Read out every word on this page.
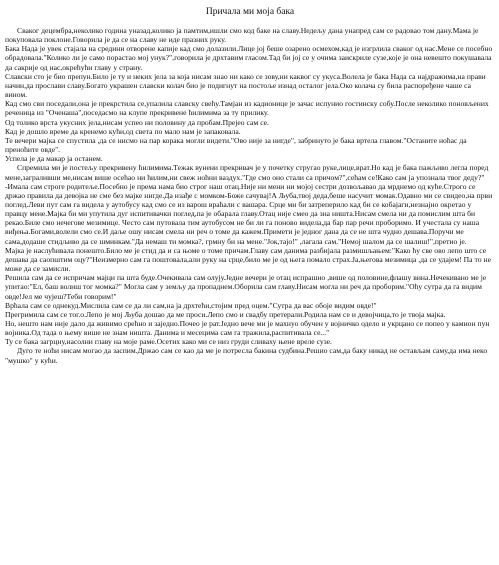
Причала ми моја бака

Сваког децембра,неколико година уназад,колико ја памтим,ишли смо код баке на славу.Недељу дана унапред сам се радовао том дану.Мама је покуповала поклоне.Говорила је да се на славу не иде празних руку.

Бака Нада је увек стајала на средини отворене капије кад смо долазили.Лице јој беше озарено осмехом,кад је изгрлила сваког од нас.Мене се посебно обрадовала."Колико ли је само порастао мој унук?",говорила је дрхтавим гласом.Тад би јој се у очима заискриле сузе,које је она невешто покушавала да сакрије од нас,окрећући главу у страну.

Славски сто је био препун.Било је ту и неких јела за која нисам знао ни како се зову,ни каквог су укуса.Волела је бака Нада са најдражима,на прави начин,да прослави славу.Богато украшен славски колач био је подигнут на постоље изнад осталог јела.Око колача су била распоређене чаше са вином.

Кад смо сви поседали,она је прекрстила се,упалила славску свећу.Тамјан из кадионице је зачас испунио гостинску собу.После неколико поновљених реченица из "Оченаша",поседасмо на клупе прекривене ћилимима за ту прилику.

Од толико врста укусних јела,нисам успео ни половину да пробам.Прејео сам се.

Кад је дошло време да кренемо кући,од света по мало нам је запаковала.

Те вечери мајка се спустила ,да се нисмо на пар корака могли видети."Ово није за нигде", забринуто је бака вртела главом."Останите ноћас да преноћите овде".

Успела је да макар ја останем.

Спремила ми је постељу прекривену ћилимима.Тежак вунени прекривач је у почетку стругао руке,лице,врат.Но кад је бака пажљиво легла поред мене,заграливши ме,нисам више осећао ни ћилим,ни свеж нoћни ваздух."Где смо оно стали са причом?",сећам се!Како сам ја упознала твог деду?"

-Имала сам строге родитеље.Посебно је према нама био строг наш отац.Није ни мени ни мојој сестри дозвољавао да мрднемо од куће.Строго се држао правила да девојка не сме без мајке нигде.Да изађе с момком-Боже сачувај!А Љуба,твој деда,беше насучит момак.Одавно ми се свидео,на први поглед.Леви пут сам га видела у аутобусу кад смо се из варош враћали с вашара. Срце ми би затреперило кад би се кобајаги,незнајно окретао у правцу мене.Мајка би ми упутила дуг испитивачки поглед,па је обарала главу.Отац није смео да зна ништа.Нисам смела ни да помислим шта би рекао.Биле смо нечегове мезимице. Често сам путовала тим аутобусом не би ли га поново видела,да бар пар речи проборимо. И учестала су наша виђења.Богами,волели смо се.И даље ошу нисам смела ни реч о томе да кажем.Примети је једног дана да се не шта чудно дешава.Поручи ме сама,додаше стидљиво да се шминкам."Да немаш ти момка?, грмну би на мене."Јок,тајо!" ,лагала сам."Немој шалом да се шалиш!",претио је.

Мајка је наслућивала понешто.Било ме је стид да и са њоме о томе причам.Главу сам данима разбијала размишљањем:"Како ћу све ово лепо што се дешава да саопштим оцу?"Неизмерно сам га поштовала,али руку на срце,било ме је од њега помало страх.Ја,његова мезимица ,да се удајем! Па то не може да се замисли.

Решила сам да се испричам мајци па шта буде.Очекивала сам олују.Једне вечери је отац испрашно ,више од половине,флашу вина.Нечекивано ме је упитао:"Ел, баш волиш тог момка?" Могла сам у земљу да пропаднем.Оборила сам главу.Нисам могла ни реч да проборим."Оћу сутра да га видим овде!Јел ме чујеш?Теби говорим!"

Врћала сам се однекуд.Мислила сам се да ли сам,на ја дрхтећи,стојим пред оцем."Сутра да вас обоје видим овде!"

Прегримила сам се тог.о.Лепо је мој Љуба дошао да ме проси.Лепо смо и свадбу претерали.Родила нам се и девојчица,то је твоја мајка.

Но, нешто нам није дало да живимо срећно и заједно.Почео је рат.Једно вече ми је махнуо обучен у војничко одело и укрцано се попео у камион пун војника.Од тада о њему више не знам ништа. Данима и месецима сам га тражила,распитивала се..."

Ту се бака загрцну,насолни главу на моје раме.Осетих како ми се низ груди сливаху њене вреле сузе.

Дуго те ноћи нисам могао да заспим.Држао сам се као да ме је потресла бакина судбина.Решио сам,да баку никад не остављам саму,да има неко "мушко" у кући.
